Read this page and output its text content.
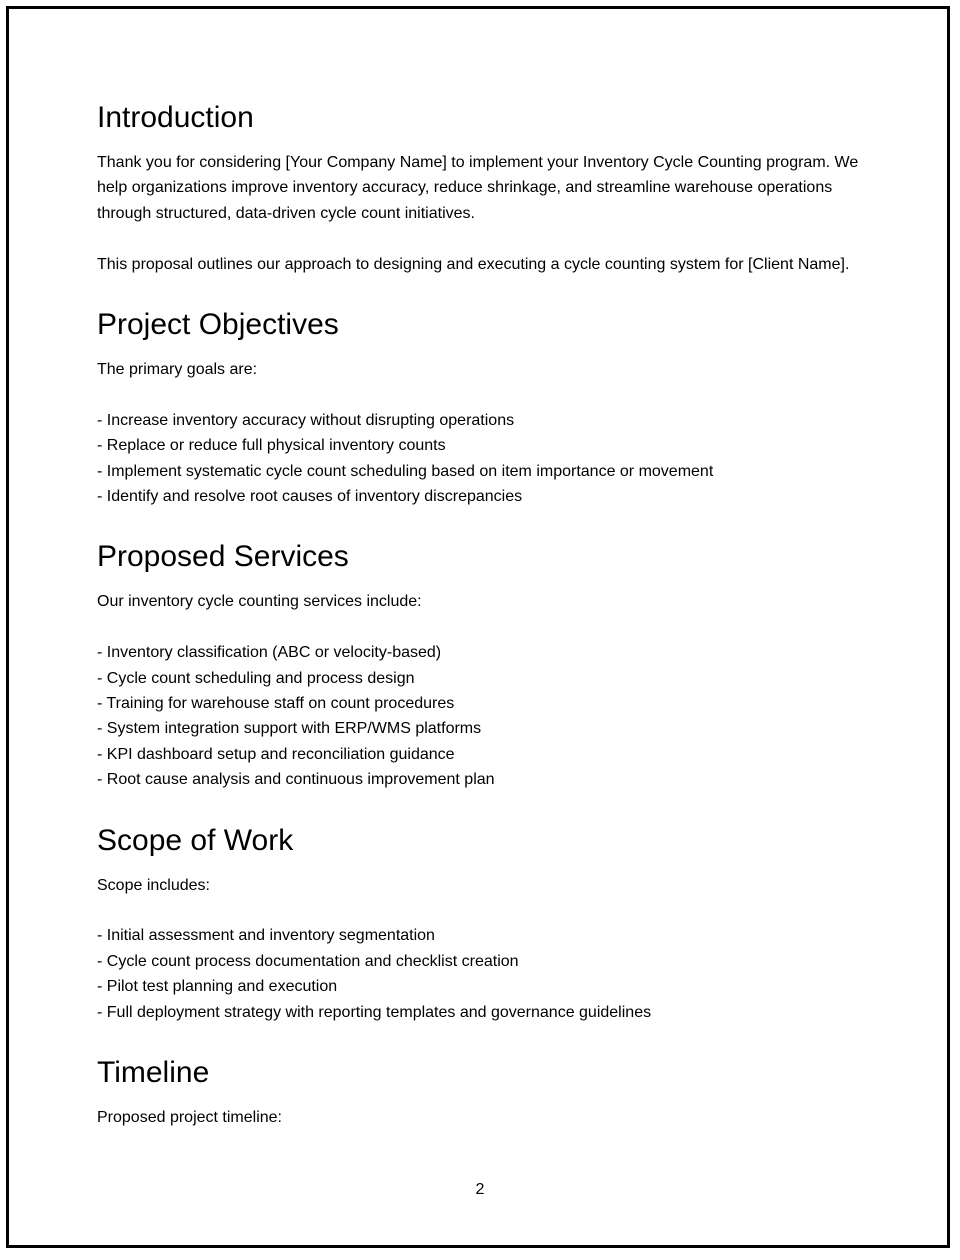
Introduction

Thank you for considering [Your Company Name] to implement your Inventory Cycle Counting program. We help organizations improve inventory accuracy, reduce shrinkage, and streamline warehouse operations through structured, data-driven cycle count initiatives.

This proposal outlines our approach to designing and executing a cycle counting system for [Client Name].

Project Objectives

The primary goals are:

- Increase inventory accuracy without disrupting operations
- Replace or reduce full physical inventory counts
- Implement systematic cycle count scheduling based on item importance or movement
- Identify and resolve root causes of inventory discrepancies
Proposed Services

Our inventory cycle counting services include:

- Inventory classification (ABC or velocity-based)
- Cycle count scheduling and process design
- Training for warehouse staff on count procedures
- System integration support with ERP/WMS platforms
- KPI dashboard setup and reconciliation guidance
- Root cause analysis and continuous improvement plan
Scope of Work

Scope includes:

- Initial assessment and inventory segmentation
- Cycle count process documentation and checklist creation
- Pilot test planning and execution
- Full deployment strategy with reporting templates and governance guidelines
Timeline

Proposed project timeline:

2
